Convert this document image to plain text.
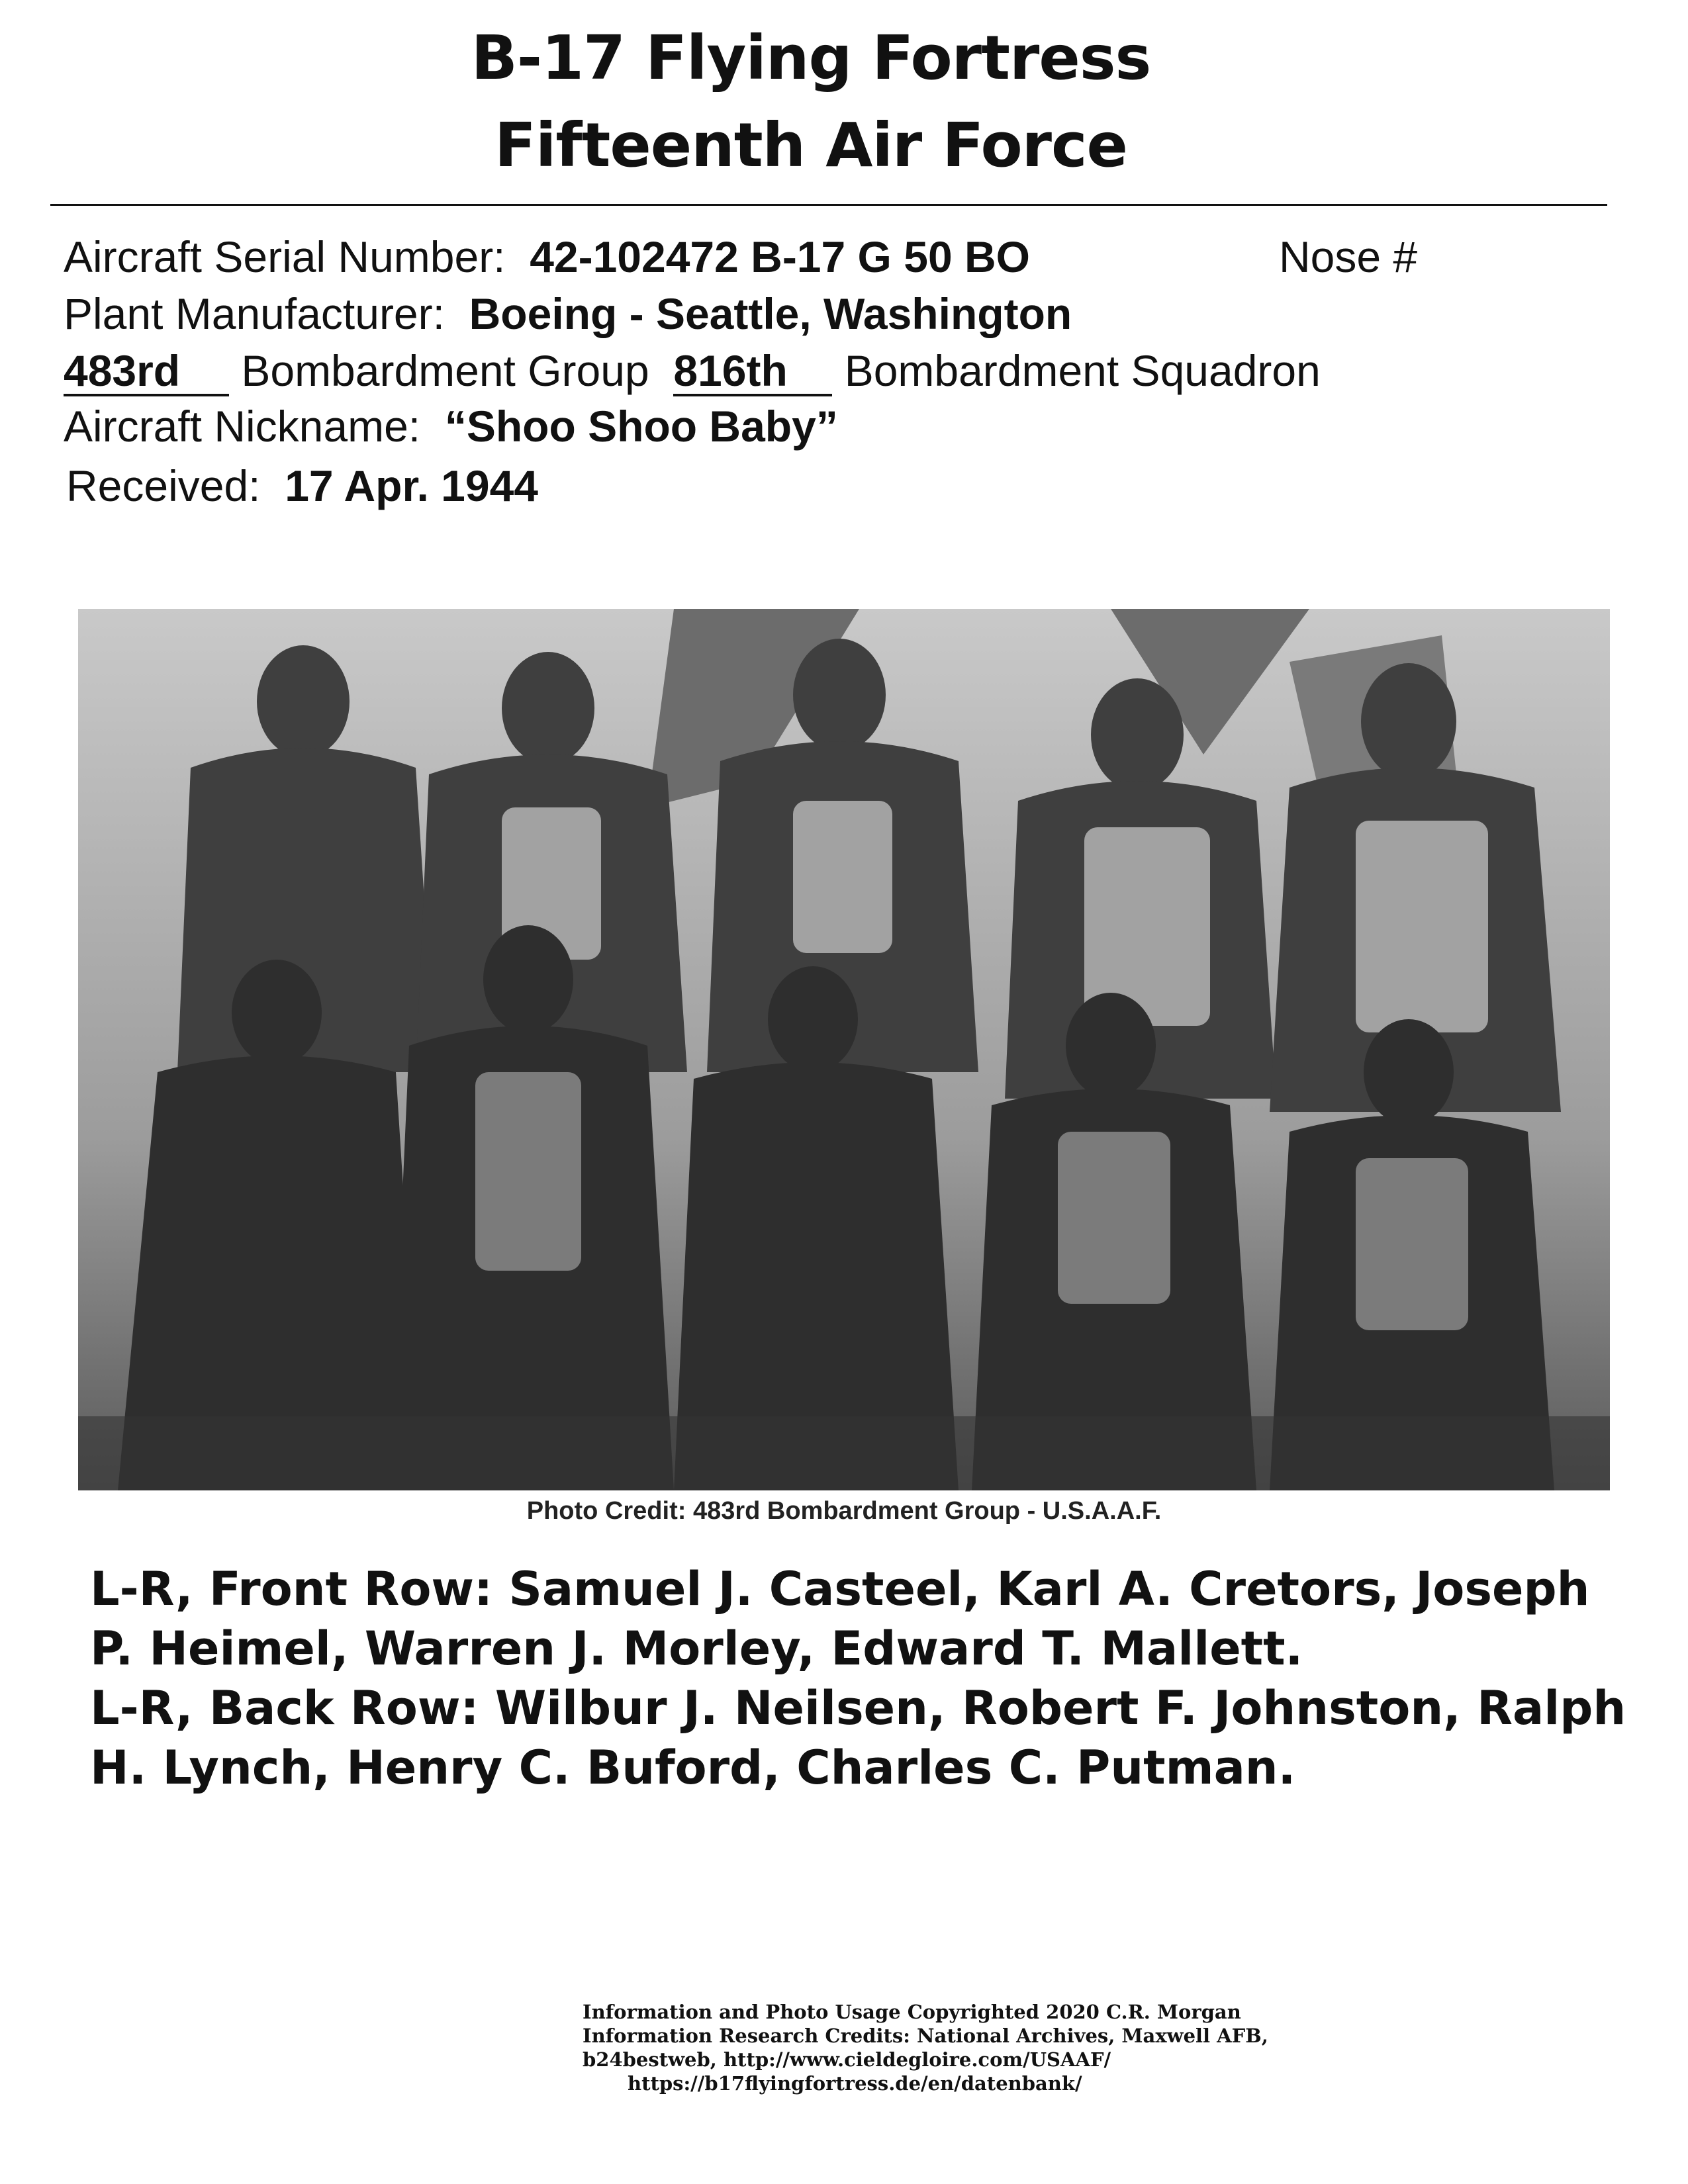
B-17 Flying Fortress
Fifteenth Air Force
Aircraft Serial Number: 42-102472 B-17 G 50 BO	Nose #
Plant Manufacturer: Boeing - Seattle, Washington
483rd Bombardment Group 816th Bombardment Squadron
Aircraft Nickname: “Shoo Shoo Baby”
Received: 17 Apr. 1944
Photo Credit: 483rd Bombardment Group - U.S.A.A.F.
L-R, Front Row: Samuel J. Casteel, Karl A. Cretors, Joseph P. Heimel, Warren J. Morley, Edward T. Mallett.
L-R, Back Row: Wilbur J. Neilsen, Robert F. Johnston, Ralph H. Lynch, Henry C. Buford, Charles C. Putman.
Information and Photo Usage Copyrighted 2020 C.R. Morgan
Information Research Credits: National Archives, Maxwell AFB,
b24bestweb, http://www.cieldegloire.com/USAAF/
https://b17flyingfortress.de/en/datenbank/
